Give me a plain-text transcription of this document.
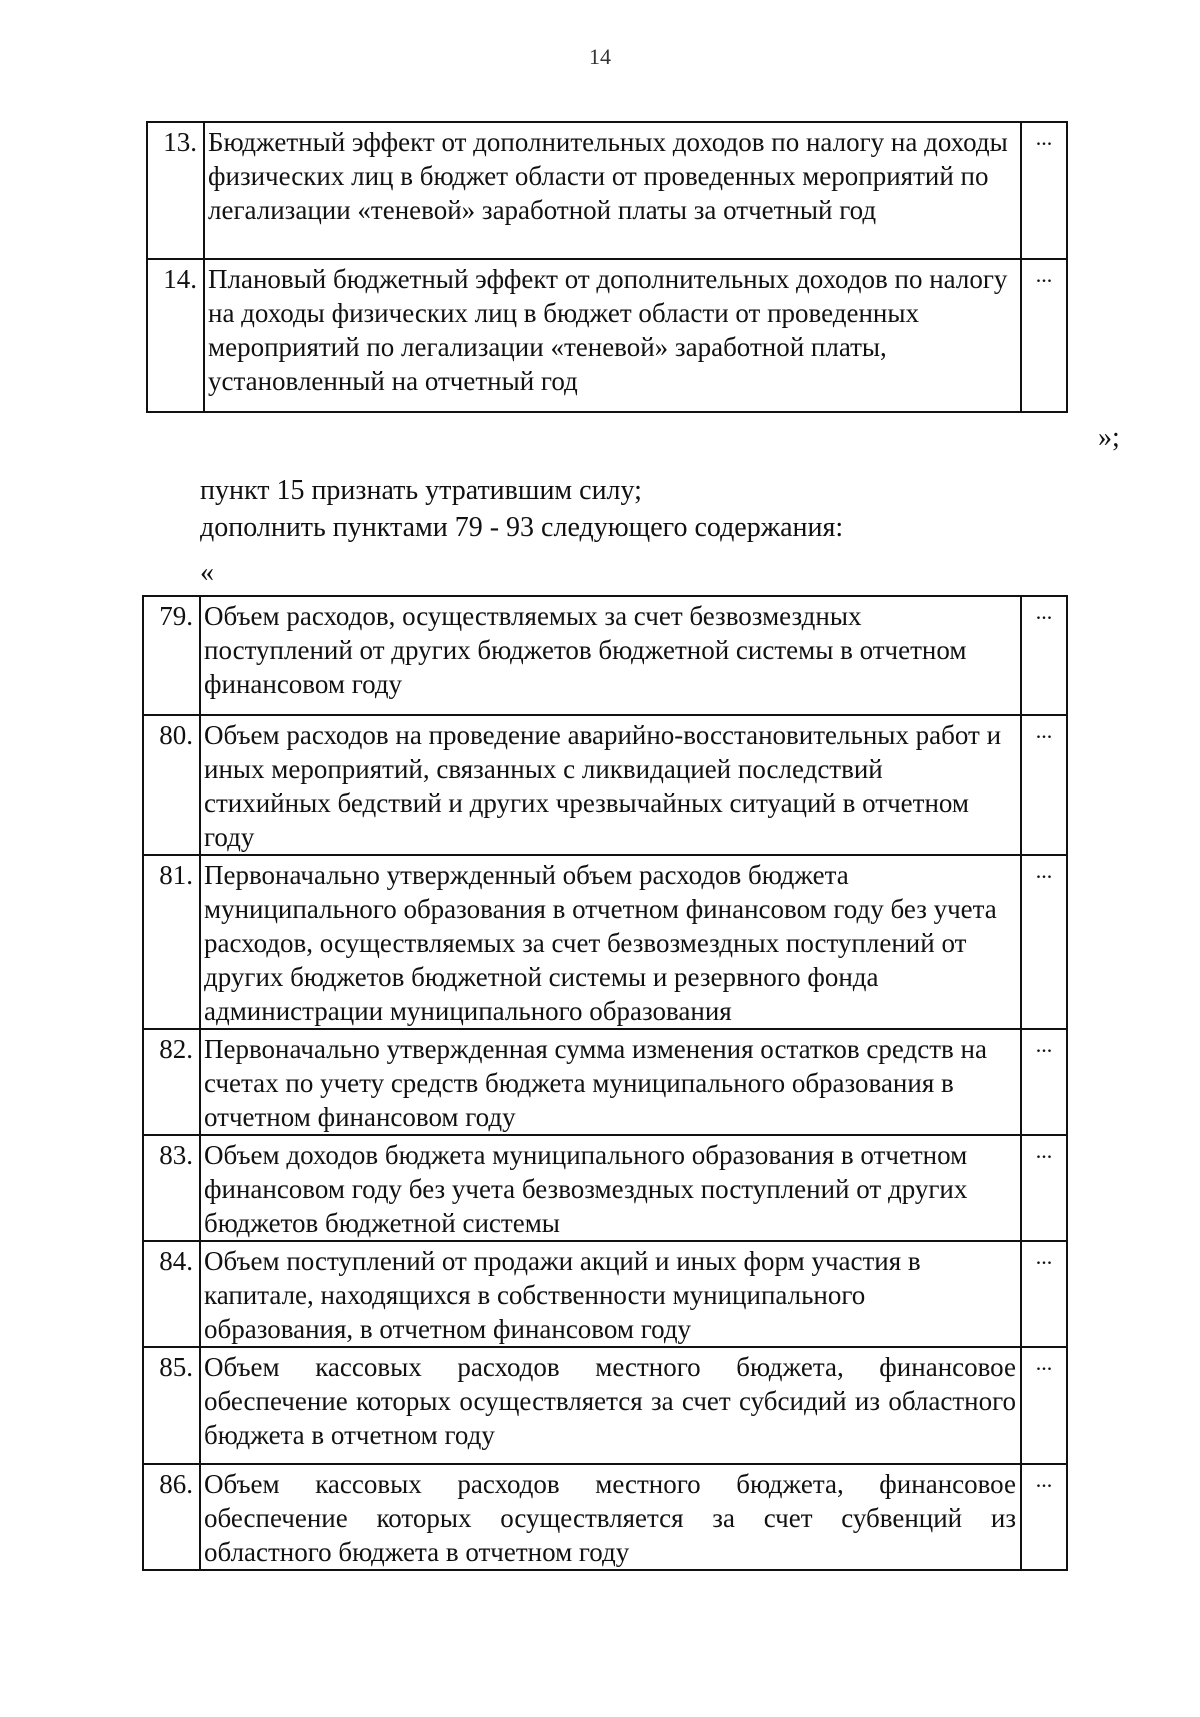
14
13.	Бюджетный эффект от дополнительных доходов по налогу на доходы физических лиц в бюджет области от проведенных мероприятий по легализации «теневой» заработной платы за отчетный год	...
14.	Плановый бюджетный эффект от дополнительных доходов по налогу на доходы физических лиц в бюджет области от проведенных мероприятий по легализации «теневой» заработной платы, установленный на отчетный год	...
»;
пункт 15 признать утратившим силу;
дополнить пунктами 79 - 93 следующего содержания:
«
79.	Объем расходов, осуществляемых за счет безвозмездных поступлений от других бюджетов бюджетной системы в отчетном финансовом году	...
80.	Объем расходов на проведение аварийно-восстановительных работ и иных мероприятий, связанных с ликвидацией последствий стихийных бедствий и других чрезвычайных ситуаций в отчетном году	...
81.	Первоначально утвержденный объем расходов бюджета муниципального образования в отчетном финансовом году без учета расходов, осуществляемых за счет безвозмездных поступлений от других бюджетов бюджетной системы и резервного фонда администрации муниципального образования	...
82.	Первоначально утвержденная сумма изменения остатков средств на счетах по учету средств бюджета муниципального образования в отчетном финансовом году	...
83.	Объем доходов бюджета муниципального образования в отчетном финансовом году без учета безвозмездных поступлений от других бюджетов бюджетной системы	...
84.	Объем поступлений от продажи акций и иных форм участия в капитале, находящихся в собственности муниципального образования, в отчетном финансовом году	...
85.	Объем кассовых расходов местного бюджета, финансовое обеспечение которых осуществляется за счет субсидий из областного бюджета в отчетном году	...
86.	Объем кассовых расходов местного бюджета, финансовое обеспечение которых осуществляется за счет субвенций из областного бюджета в отчетном году	...
